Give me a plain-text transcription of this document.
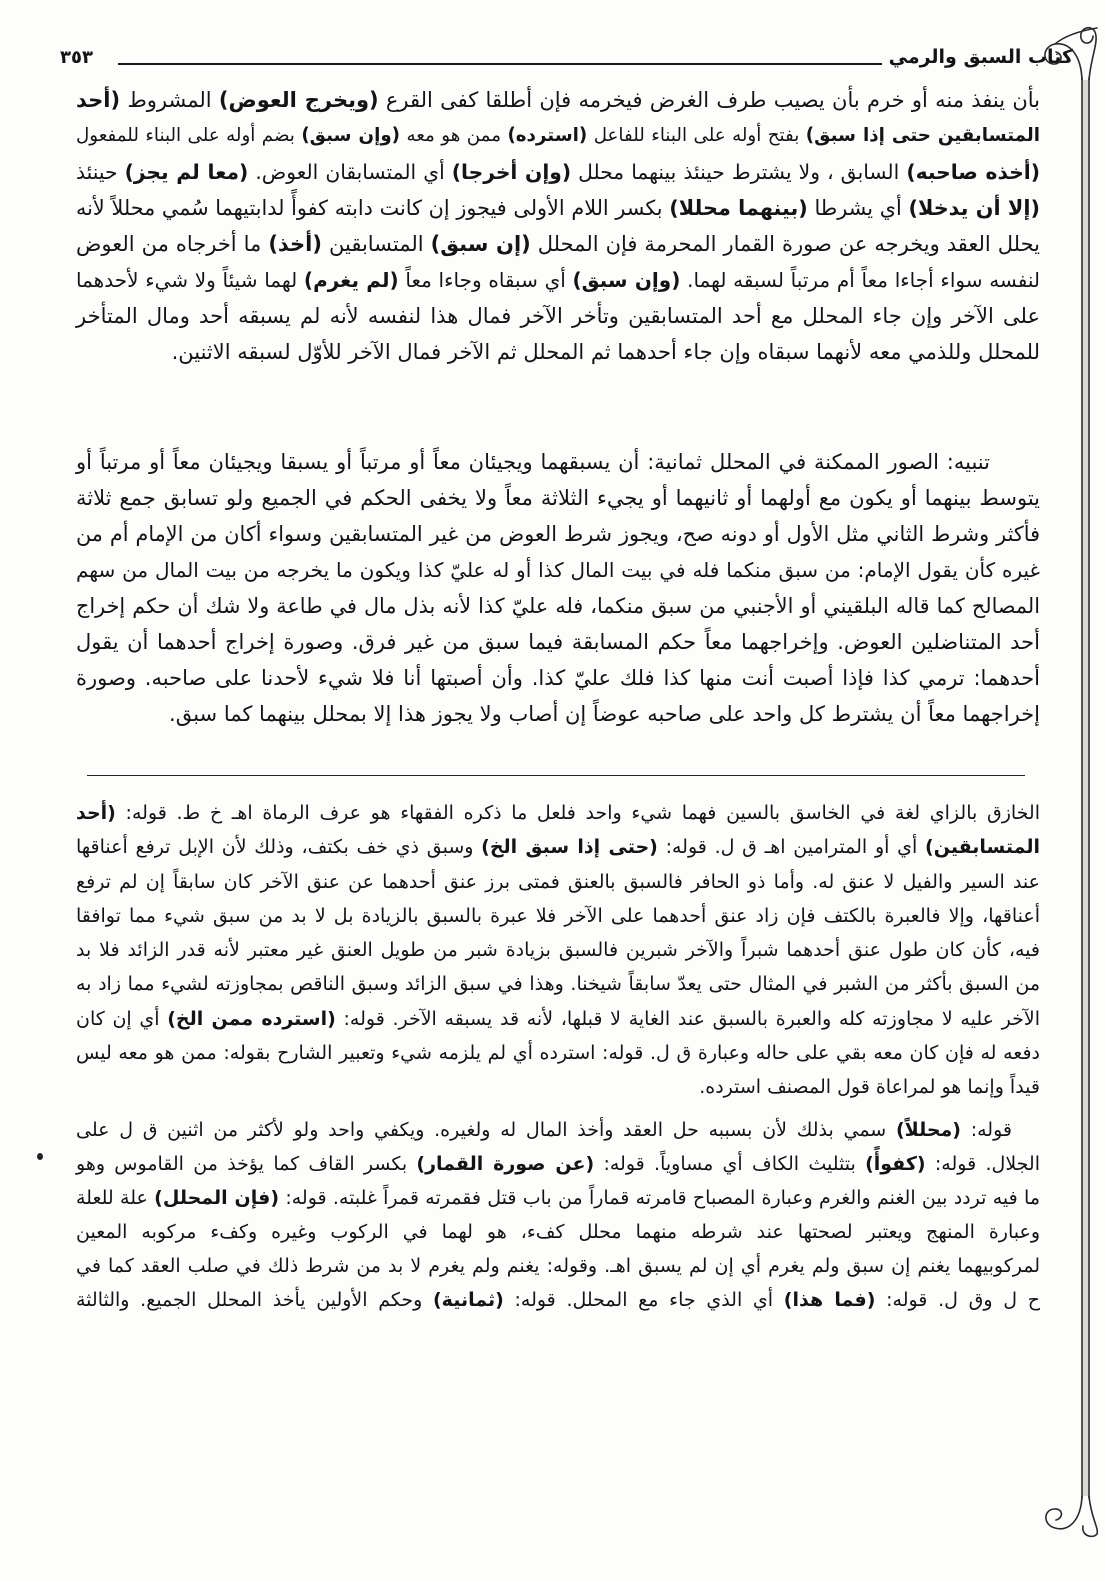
٣٥٣	كتاب السبق والرمي
بأن ينفذ منه أو خرم بأن يصيب طرف الغرض فيخرمه فإن أطلقا كفى القرع (ويخرج العوض) المشروط (أحد
المتسابقين حتى إذا سبق) بفتح أوله على البناء للفاعل (استرده) ممن هو معه (وإن سبق) بضم أوله على البناء للمفعول
(أخذه صاحبه) السابق ، ولا يشترط حينئذ بينهما محلل (وإن أخرجا) أي المتسابقان العوض. (معا لم يجز) حينئذ
(إلا أن يدخلا) أي يشرطا (بينهما محللا) بكسر اللام الأولى فيجوز إن كانت دابته كفوأً لدابتيهما سُمي محللاً لأنه
يحلل العقد ويخرجه عن صورة القمار المحرمة فإن المحلل (إن سبق) المتسابقين (أخذ) ما أخرجاه من العوض
لنفسه سواء أجاءا معاً أم مرتباً لسبقه لهما. (وإن سبق) أي سبقاه وجاءا معاً (لم يغرم) لهما شيئاً ولا شيء لأحدهما
على الآخر وإن جاء المحلل مع أحد المتسابقين وتأخر الآخر فمال هذا لنفسه لأنه لم يسبقه أحد ومال المتأخر
للمحلل وللذمي معه لأنهما سبقاه وإن جاء أحدهما ثم المحلل ثم الآخر فمال الآخر للأوّل لسبقه الاثنين.
تنبيه: الصور الممكنة في المحلل ثمانية: أن يسبقهما ويجيئان معاً أو مرتباً أو يسبقا ويجيئان معاً أو مرتباً أو
يتوسط بينهما أو يكون مع أولهما أو ثانيهما أو يجيء الثلاثة معاً ولا يخفى الحكم في الجميع ولو تسابق جمع ثلاثة
فأكثر وشرط الثاني مثل الأول أو دونه صح، ويجوز شرط العوض من غير المتسابقين وسواء أكان من الإمام أم من
غيره كأن يقول الإمام: من سبق منكما فله في بيت المال كذا أو له عليّ كذا ويكون ما يخرجه من بيت المال من سهم
المصالح كما قاله البلقيني أو الأجنبي من سبق منكما، فله عليّ كذا لأنه بذل مال في طاعة ولا شك أن حكم إخراج
أحد المتناضلين العوض. وإخراجهما معاً حكم المسابقة فيما سبق من غير فرق. وصورة إخراج أحدهما أن يقول
أحدهما: ترمي كذا فإذا أصبت أنت منها كذا فلك عليّ كذا. وأن أصبتها أنا فلا شيء لأحدنا على صاحبه. وصورة
إخراجهما معاً أن يشترط كل واحد على صاحبه عوضاً إن أصاب ولا يجوز هذا إلا بمحلل بينهما كما سبق.
الخازق بالزاي لغة في الخاسق بالسين فهما شيء واحد فلعل ما ذكره الفقهاء هو عرف الرماة اهـ خ ط. قوله: (أحد
المتسابقين) أي أو المترامين اهـ ق ل. قوله: (حتى إذا سبق الخ) وسبق ذي خف بكتف، وذلك لأن الإبل ترفع أعناقها
عند السير والفيل لا عنق له. وأما ذو الحافر فالسبق بالعنق فمتى برز عنق أحدهما عن عنق الآخر كان سابقاً إن لم ترفع
أعناقها، وإلا فالعبرة بالكتف فإن زاد عنق أحدهما على الآخر فلا عبرة بالسبق بالزيادة بل لا بد من سبق شيء مما توافقا
فيه، كأن كان طول عنق أحدهما شبراً والآخر شبرين فالسبق بزيادة شبر من طويل العنق غير معتبر لأنه قدر الزائد فلا بد
من السبق بأكثر من الشبر في المثال حتى يعدّ سابقاً شيخنا. وهذا في سبق الزائد وسبق الناقص بمجاوزته لشيء مما زاد به
الآخر عليه لا مجاوزته كله والعبرة بالسبق عند الغاية لا قبلها، لأنه قد يسبقه الآخر. قوله: (استرده ممن الخ) أي إن كان
دفعه له فإن كان معه بقي على حاله وعبارة ق ل. قوله: استرده أي لم يلزمه شيء وتعبير الشارح بقوله: ممن هو معه ليس
قيداً وإنما هو لمراعاة قول المصنف استرده.
قوله: (محللاً) سمي بذلك لأن بسببه حل العقد وأخذ المال له ولغيره. ويكفي واحد ولو لأكثر من اثنين ق ل على
الجلال. قوله: (كفوأً) بتثليث الكاف أي مساوياً. قوله: (عن صورة القمار) بكسر القاف كما يؤخذ من القاموس وهو
ما فيه تردد بين الغنم والغرم وعبارة المصباح قامرته قماراً من باب قتل فقمرته قمراً غلبته. قوله: (فإن المحلل) علة للعلة
وعبارة المنهج ويعتبر لصحتها عند شرطه منهما محلل كفء، هو لهما في الركوب وغيره وكفء مركوبه المعين
لمركوبيهما يغنم إن سبق ولم يغرم أي إن لم يسبق اهـ. وقوله: يغنم ولم يغرم لا بد من شرط ذلك في صلب العقد كما في
ح ل وق ل. قوله: (فما هذا) أي الذي جاء مع المحلل. قوله: (ثمانية) وحكم الأولين يأخذ المحلل الجميع. والثالثة
